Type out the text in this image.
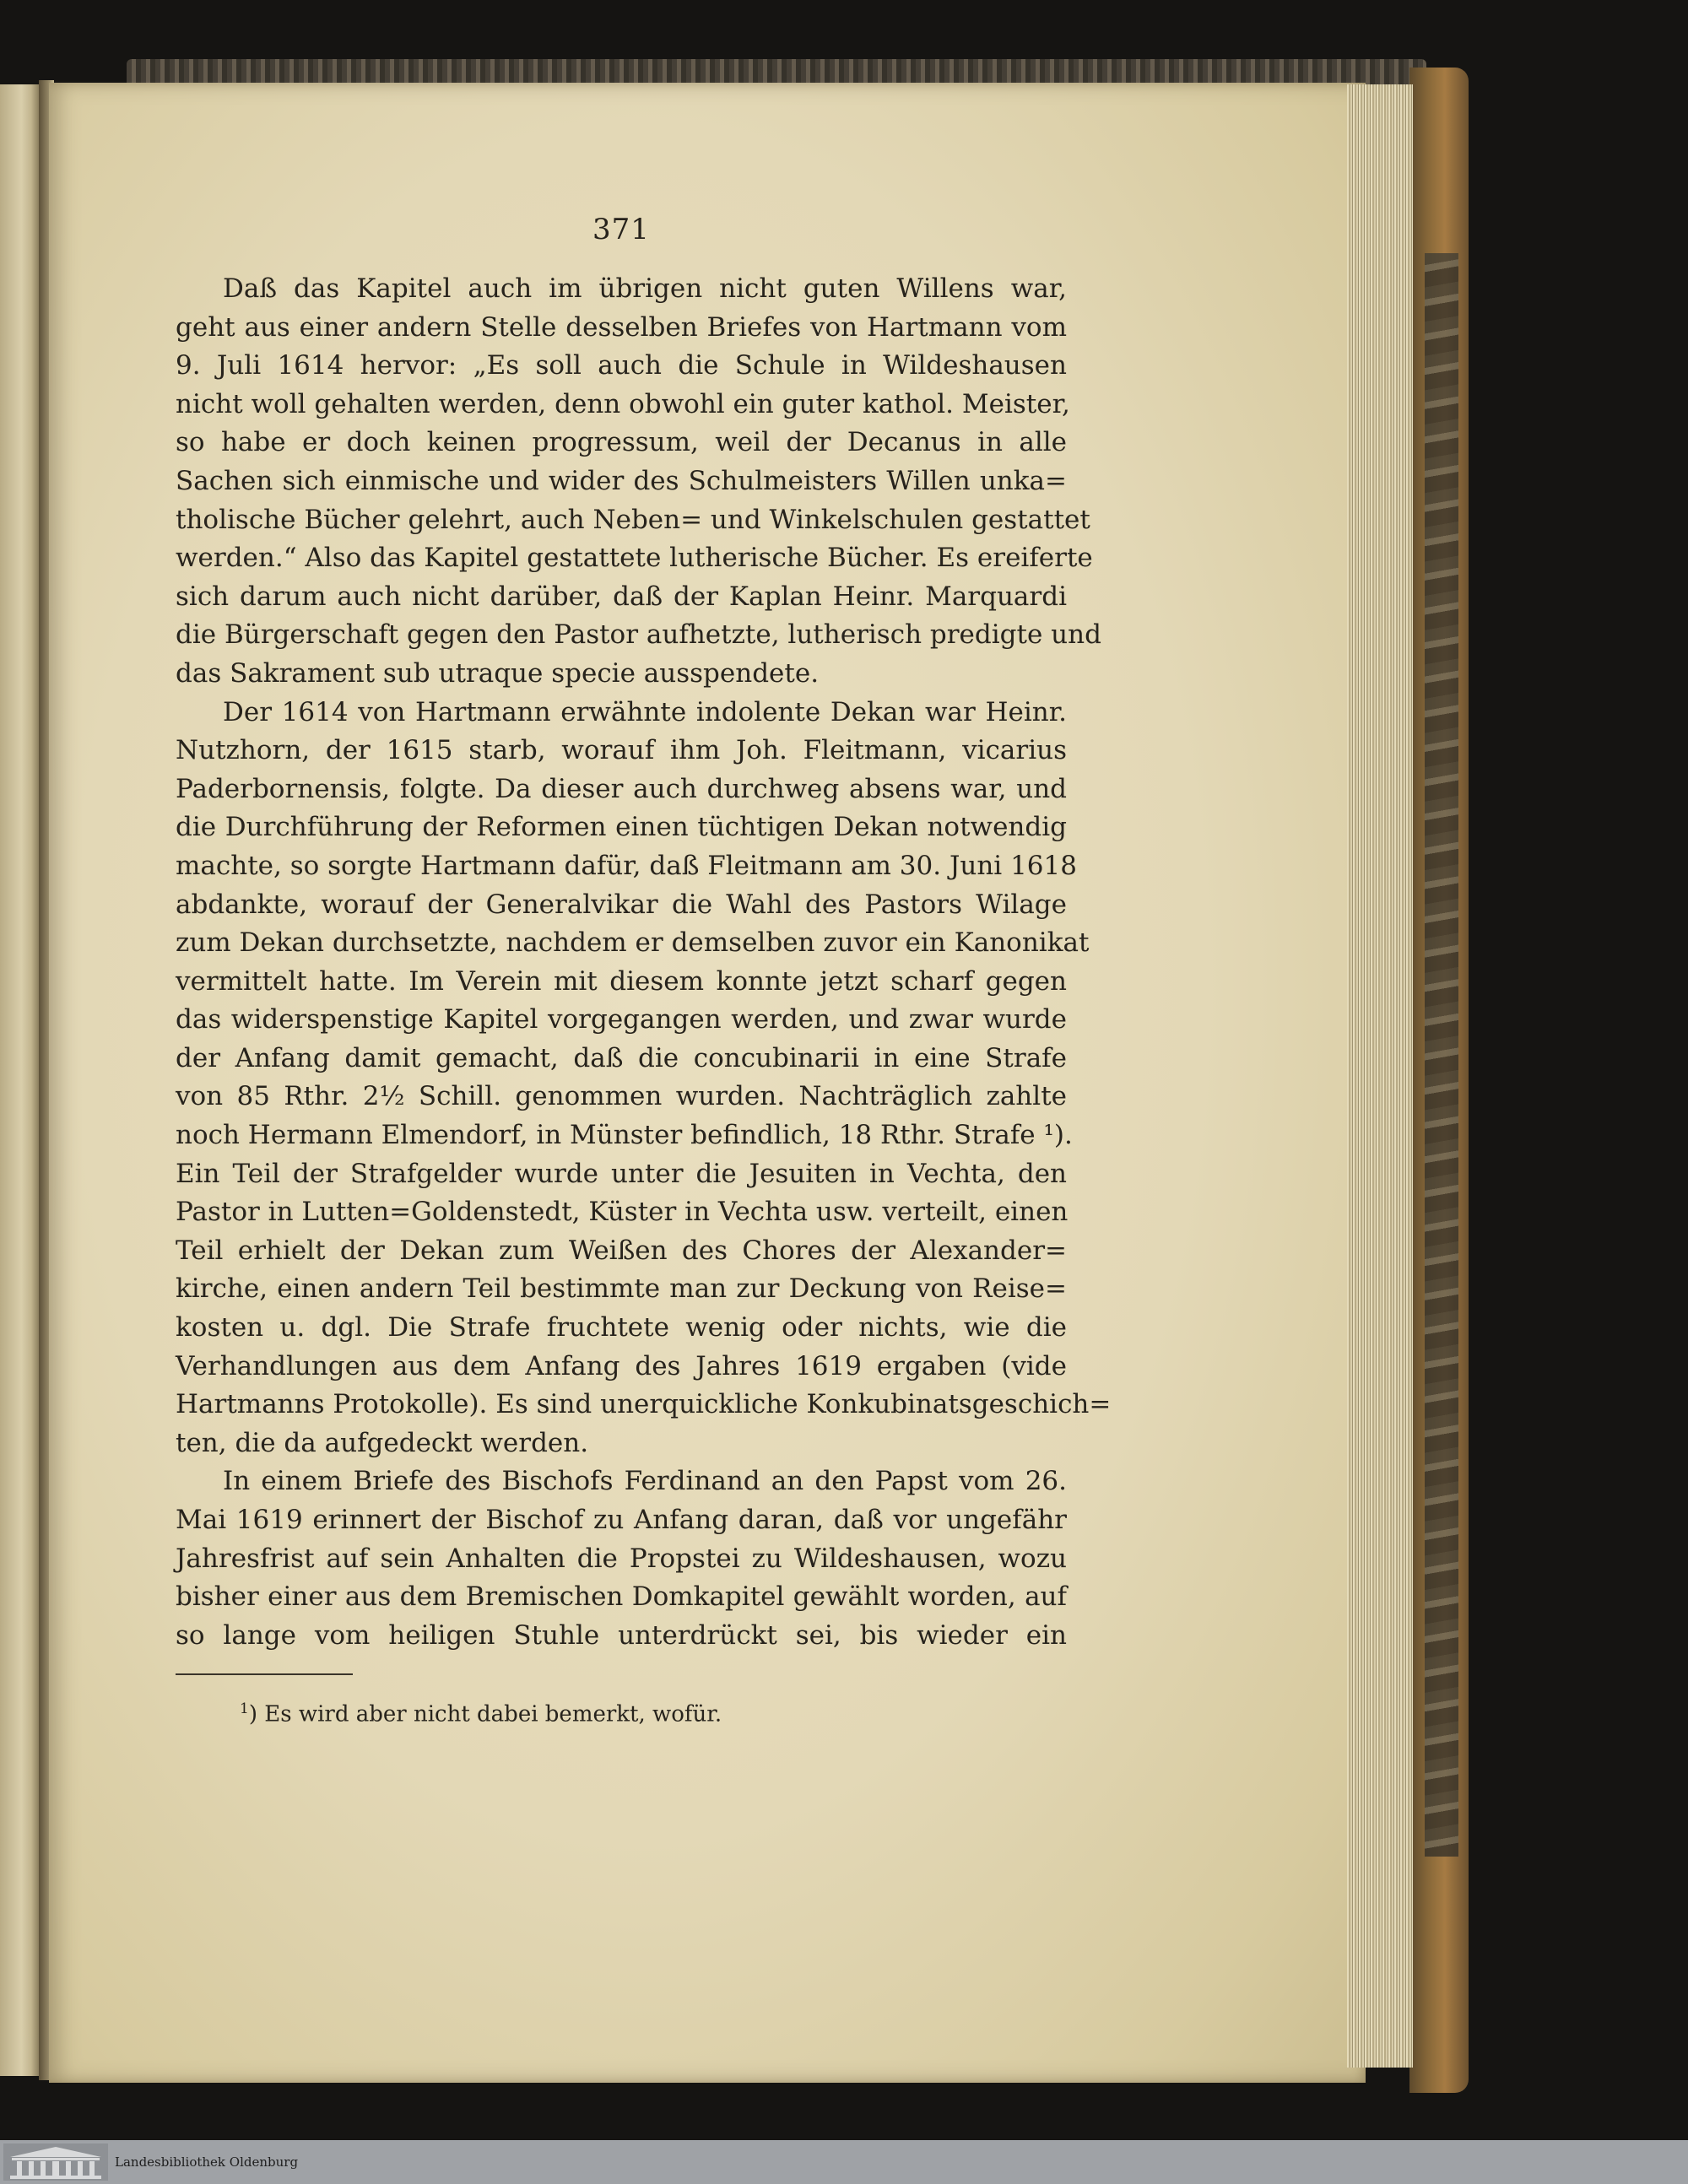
371
Daß das Kapitel auch im übrigen nicht guten Willens war,
geht aus einer andern Stelle desselben Briefes von Hartmann vom
9. Juli 1614 hervor: „Es soll auch die Schule in Wildeshausen
nicht woll gehalten werden, denn obwohl ein guter kathol. Meister,
so habe er doch keinen progressum, weil der Decanus in alle
Sachen sich einmische und wider des Schulmeisters Willen unka=
tholische Bücher gelehrt, auch Neben= und Winkelschulen gestattet
werden.“ Also das Kapitel gestattete lutherische Bücher. Es ereiferte
sich darum auch nicht darüber, daß der Kaplan Heinr. Marquardi
die Bürgerschaft gegen den Pastor aufhetzte, lutherisch predigte und
das Sakrament sub utraque specie ausspendete.
Der 1614 von Hartmann erwähnte indolente Dekan war Heinr.
Nutzhorn, der 1615 starb, worauf ihm Joh. Fleitmann, vicarius
Paderbornensis, folgte. Da dieser auch durchweg absens war, und
die Durchführung der Reformen einen tüchtigen Dekan notwendig
machte, so sorgte Hartmann dafür, daß Fleitmann am 30. Juni 1618
abdankte, worauf der Generalvikar die Wahl des Pastors Wilage
zum Dekan durchsetzte, nachdem er demselben zuvor ein Kanonikat
vermittelt hatte. Im Verein mit diesem konnte jetzt scharf gegen
das widerspenstige Kapitel vorgegangen werden, und zwar wurde
der Anfang damit gemacht, daß die concubinarii in eine Strafe
von 85 Rthr. 2½ Schill. genommen wurden. Nachträglich zahlte
noch Hermann Elmendorf, in Münster befindlich, 18 Rthr. Strafe ¹).
Ein Teil der Strafgelder wurde unter die Jesuiten in Vechta, den
Pastor in Lutten=Goldenstedt, Küster in Vechta usw. verteilt, einen
Teil erhielt der Dekan zum Weißen des Chores der Alexander=
kirche, einen andern Teil bestimmte man zur Deckung von Reise=
kosten u. dgl. Die Strafe fruchtete wenig oder nichts, wie die
Verhandlungen aus dem Anfang des Jahres 1619 ergaben (vide
Hartmanns Protokolle). Es sind unerquickliche Konkubinatsgeschich=
ten, die da aufgedeckt werden.
In einem Briefe des Bischofs Ferdinand an den Papst vom 26.
Mai 1619 erinnert der Bischof zu Anfang daran, daß vor ungefähr
Jahresfrist auf sein Anhalten die Propstei zu Wildeshausen, wozu
bisher einer aus dem Bremischen Domkapitel gewählt worden, auf
so lange vom heiligen Stuhle unterdrückt sei, bis wieder ein
$^1$) Es wird aber nicht dabei bemerkt, wofür.
Landesbibliothek Oldenburg
